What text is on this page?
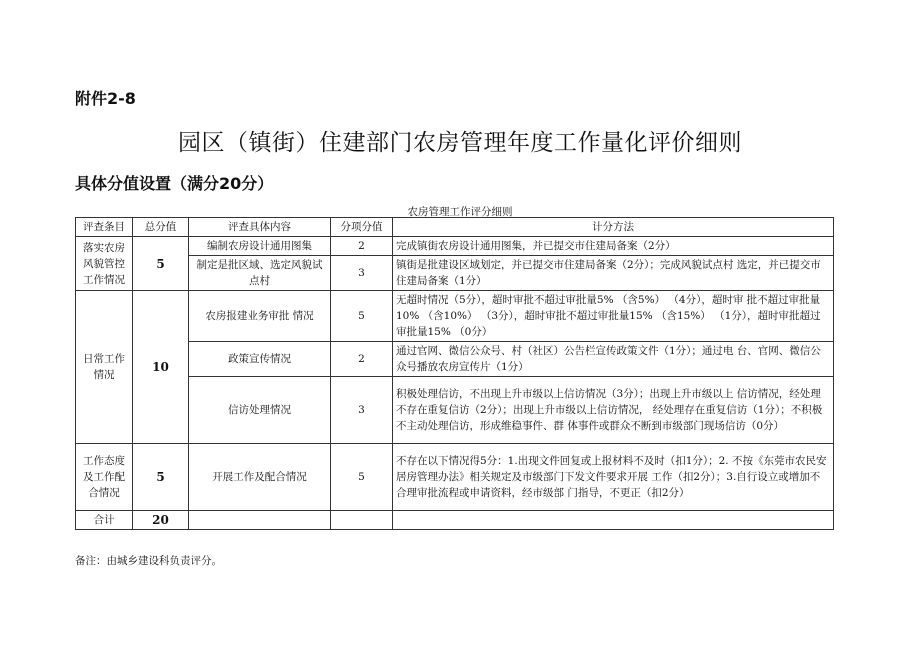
附件2-8
园区（镇街）住建部门农房管理年度工作量化评价细则
具体分值设置（满分20分）
农房管理工作评分细则
评查条目	总分值	评查具体内容	分项分值	计分方法
落实农房风貌管控工作情况	5	编制农房设计通用图集	2	完成镇街农房设计通用图集，并已提交市住建局备案（2分）
		制定是批区域、选定风貌试点村	3	镇街是批建设区域划定，并已提交市住建局备案（2分）；完成风貌试点村 选定，并已提交市住建局备案（1分）
日常工作情况	10	农房报建业务审批 情况	5	无超时情况（5分），超时审批不超过审批量5% （含5%） （4分），超时审 批不超过审批量10% （含10%） （3分），超时审批不超过审批量15% （含15%） （1分），超时审批超过审批量15% （0分）
		政策宣传情况	2	通过官网、微信公众号、村（社区）公告栏宣传政策文件（1分）；通过电 台、官网、微信公众号播放农房宣传片（1分）
		信访处理情况	3	积极处理信访，不出现上升市级以上信访情况（3分）；出现上升市级以上 信访情况，经处理不存在重复信访（2分）；出现上升市级以上信访情况， 经处理存在重复信访（1分）；不积极不主动处理信访，形成维稳事件、群 体事件或群众不断到市级部门现场信访（0分）
工作态度及工作配合情况	5	开展工作及配合情况	5	不存在以下情况得5分：1.出现文件回复或上报材料不及时（扣1分）；2. 不按《东莞市农民安居房管理办法》相关规定及市级部门下发文件要求开展 工作（扣2分）；3.自行设立或增加不合理审批流程或申请资料，经市级部 门指导，不更正（扣2分）
合计	20			
备注：由城乡建设科负责评分。
